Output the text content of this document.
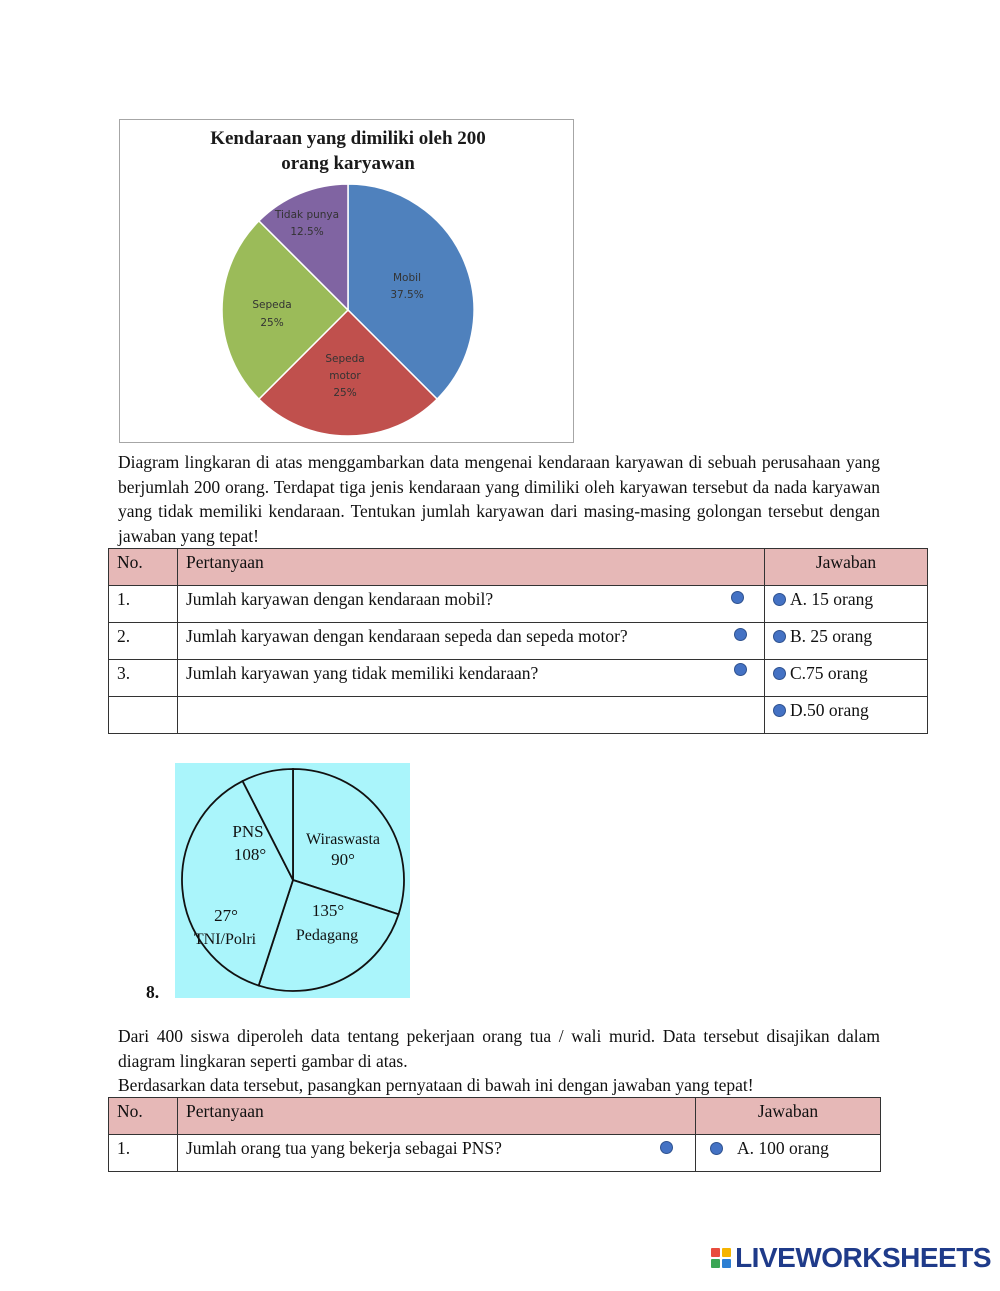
Kendaraan yang dimiliki oleh 200
orang karyawan
Mobil
37.5%
Sepeda
motor
25%
Sepeda
25%
Tidak punya
12.5%

Diagram lingkaran di atas menggambarkan data mengenai kendaraan karyawan di sebuah perusahaan yang berjumlah 200 orang. Terdapat tiga jenis kendaraan yang dimiliki oleh karyawan tersebut da nada karyawan yang tidak memiliki kendaraan. Tentukan jumlah karyawan dari masing-masing golongan tersebut dengan jawaban yang tepat!

No.	Pertanyaan	Jawaban
1.	Jumlah karyawan dengan kendaraan mobil?	A. 15 orang
2.	Jumlah karyawan dengan kendaraan sepeda dan sepeda motor?	B. 25 orang
3.	Jumlah karyawan yang tidak memiliki kendaraan?	C.75 orang
		D.50 orang
8.
PNS
108°
Wiraswasta
90°
135°
Pedagang
27°
TNI/Polri

Dari 400 siswa diperoleh data tentang pekerjaan orang tua / wali murid. Data tersebut disajikan dalam diagram lingkaran seperti gambar di atas.

Berdasarkan data tersebut, pasangkan pernyataan di bawah ini dengan jawaban yang tepat!

No.	Pertanyaan	Jawaban
1.	Jumlah orang tua yang bekerja sebagai PNS?	A. 100 orang
LIVEWORKSHEETS
